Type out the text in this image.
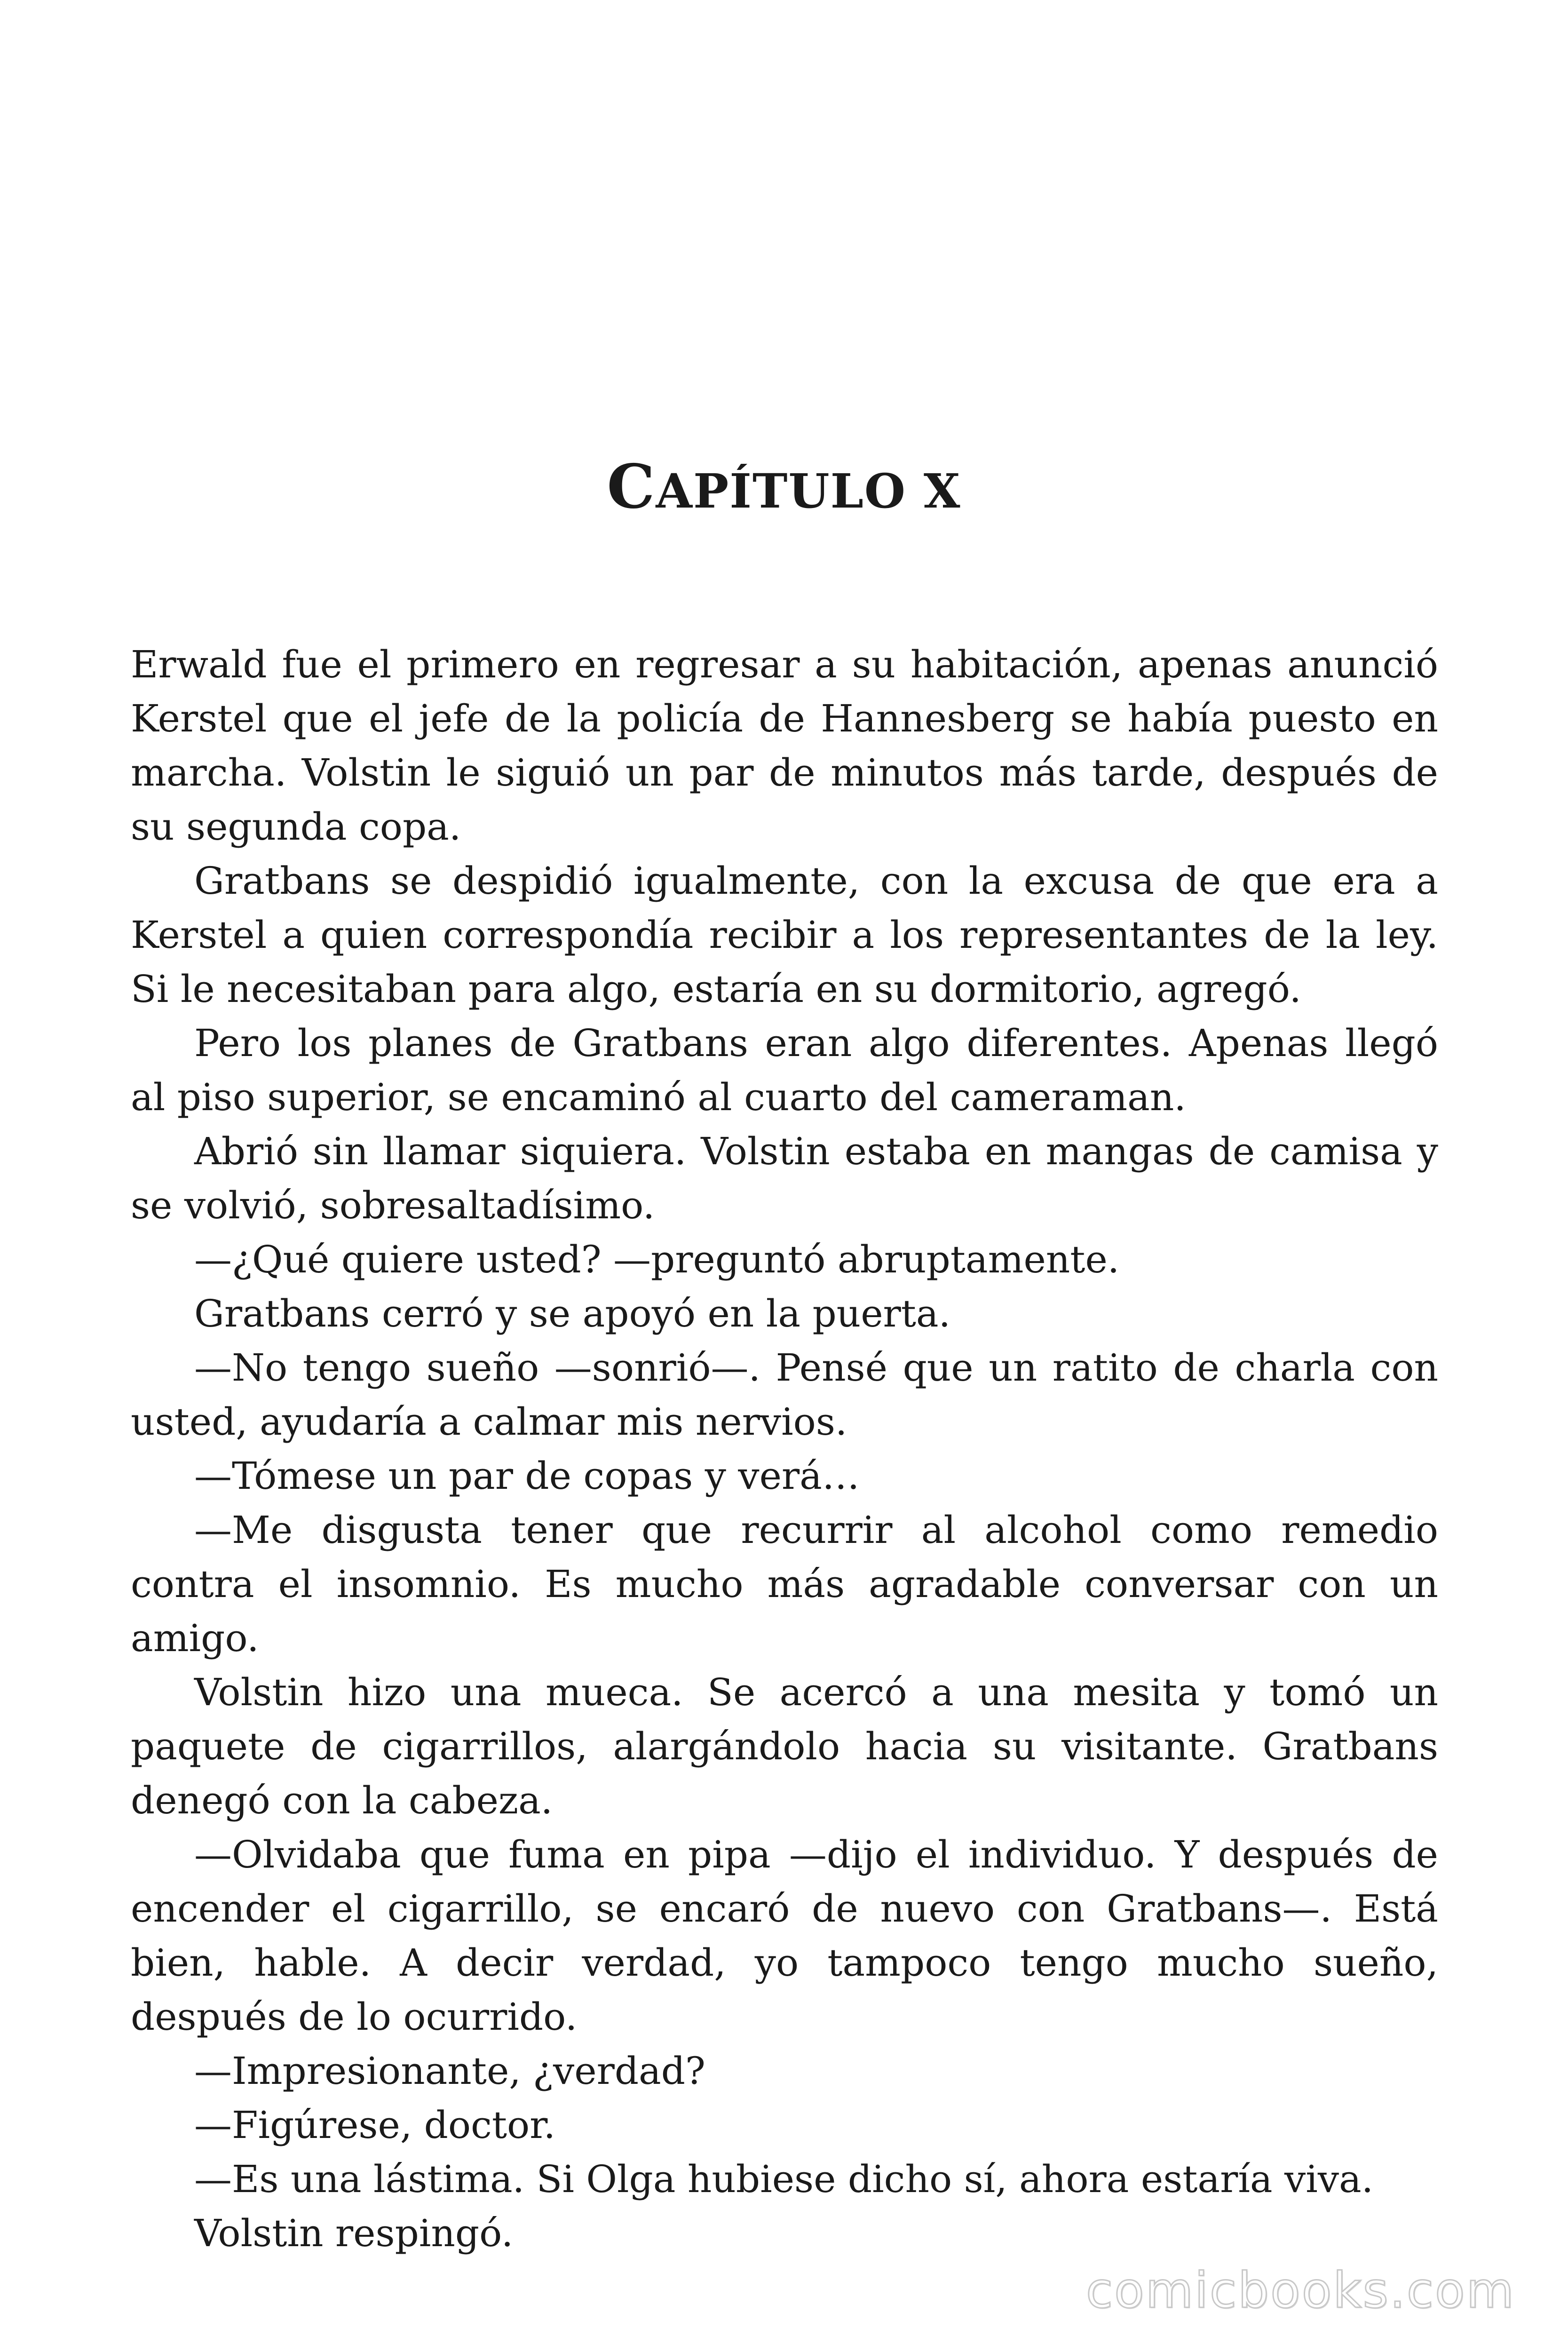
CAPÍTULO X

Erwald fue el primero en regresar a su habitación, apenas anunció Kerstel que el jefe de la policía de Hannesberg se había puesto en marcha. Volstin le siguió un par de minutos más tarde, después de su segunda copa.

Gratbans se despidió igualmente, con la excusa de que era a Kerstel a quien correspondía recibir a los representantes de la ley. Si le necesitaban para algo, estaría en su dormitorio, agregó.

Pero los planes de Gratbans eran algo diferentes. Apenas llegó al piso superior, se encaminó al cuarto del cameraman.

Abrió sin llamar siquiera. Volstin estaba en mangas de camisa y se volvió, sobresaltadísimo.

—¿Qué quiere usted? —preguntó abruptamente.

Gratbans cerró y se apoyó en la puerta.

—No tengo sueño —sonrió—. Pensé que un ratito de charla con usted, ayudaría a calmar mis nervios.

—Tómese un par de copas y verá…

—Me disgusta tener que recurrir al alcohol como remedio contra el insomnio. Es mucho más agradable conversar con un amigo.

Volstin hizo una mueca. Se acercó a una mesita y tomó un paquete de cigarrillos, alargándolo hacia su visitante. Gratbans denegó con la cabeza.

—Olvidaba que fuma en pipa —dijo el individuo. Y después de encender el cigarrillo, se encaró de nuevo con Gratbans—. Está bien, hable. A decir verdad, yo tampoco tengo mucho sueño, después de lo ocurrido.

—Impresionante, ¿verdad?

—Figúrese, doctor.

—Es una lástima. Si Olga hubiese dicho sí, ahora estaría viva.

Volstin respingó.

comicbooks.com
